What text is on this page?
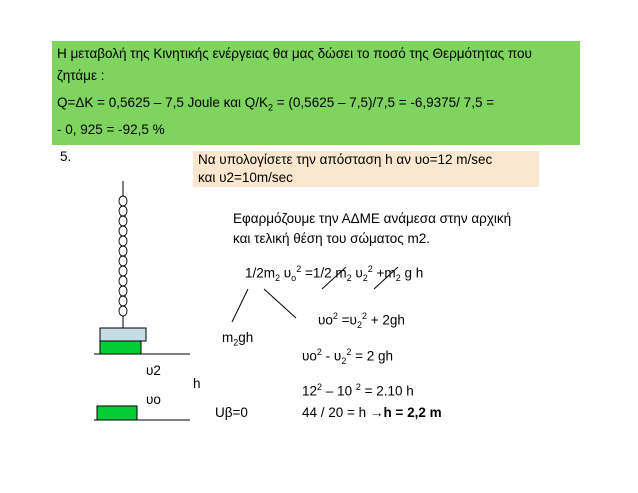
Η μεταβολή της Κινητικής ενέργειας θα μας δώσει το ποσό της Θερμότητας που
ζητάμε :
Q=ΔK = 0,5625 – 7,5 Joule και $Q/K_2 = (0,5625 - 7,5)/7,5 = -6,9375/$ 7,5 =
- 0, 925 = -92,5 %
5.	Να υπολογίσετε την απόσταση h αν υο=12 m/sec
και υ2=10m/sec
Εφαρμόζουμε την ΑΔΜΕ ανάμεσα στην αρχική
και τελική θέση του σώματος m2.
$1/2m_2$ $\upsilon_o^2 =1/2$ $m_2$ $\upsilon_2^2 +m_2$ g h
$\upsilon o^2 =\upsilon_2^2 + 2gh$
$\upsilon o^2 - \upsilon_2^2 = 2$ gh
$12^2 - 10$ $^2$ = 2.10 h
44 / 20 = h →h = 2,2 m
$m_2gh$
υ2
h
υο
Uβ=0
